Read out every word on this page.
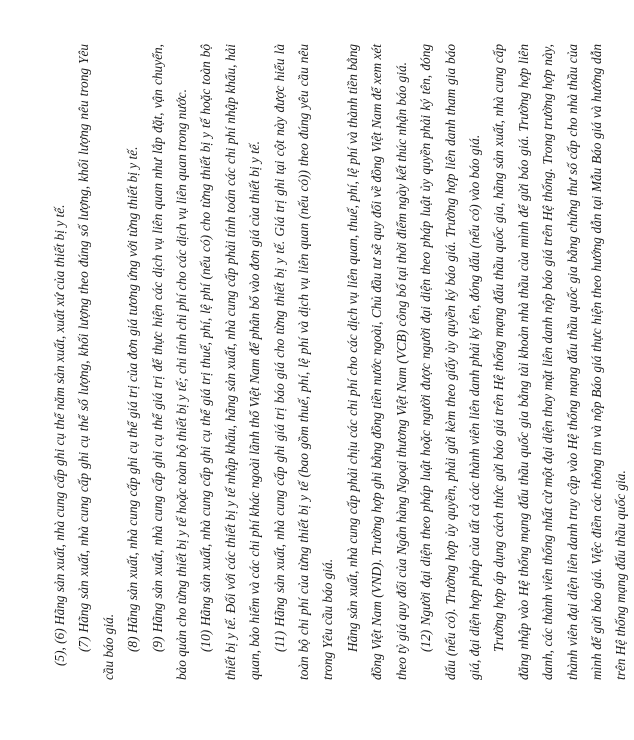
(5), (6) Hãng sản xuất, nhà cung cấp ghi cụ thể năm sản xuất, xuất xứ của thiết bị y tế. (7) Hãng sản xuất, nhà cung cấp ghi cụ thể số lượng, khối lượng theo đúng số lượng, khối lượng nêu trong Yêu cầu báo giá. (8) Hãng sản xuất, nhà cung cấp ghi cụ thể giá trị của đơn giá tương ứng với từng thiết bị y tế. (9) Hãng sản xuất, nhà cung cấp ghi cụ thể giá trị để thực hiện các dịch vụ liên quan như lắp đặt, vận chuyển, bảo quản cho từng thiết bị y tế hoặc toàn bộ thiết bị y tế; chi tính chi phí cho các dịch vụ liên quan trong nước. (10) Hãng sản xuất, nhà cung cấp ghi cụ thể giá trị thuế, phí, lệ phí (nếu có) cho từng thiết bị y tế hoặc toàn bộ thiết bị y tế. Đối với các thiết bị y tế nhập khẩu, hãng sản xuất, nhà cung cấp phải tính toán các chi phí nhập khẩu, hải quan, bảo hiểm và các chi phí khác ngoài lãnh thổ Việt Nam để phân bổ vào đơn giá của thiết bị y tế. (11) Hãng sản xuất, nhà cung cấp ghi giá trị báo giá cho từng thiết bị y tế. Giá trị ghi tại cột này được hiểu là toàn bộ chi phí của từng thiết bị y tế (bao gồm thuế, phí, lệ phí và dịch vụ liên quan (nếu có)) theo đúng yêu cầu nêu trong Yêu cầu báo giá. Hãng sản xuất, nhà cung cấp phải chịu các chi phí cho các dịch vụ liên quan, thuế, phí, lệ phí và thành tiền bằng đồng Việt Nam (VND). Trường hợp ghi bằng đồng tiền nước ngoài, Chủ đầu tư sẽ quy đổi về đồng Việt Nam để xem xét theo tỷ giá quy đổi của Ngân hàng Ngoại thương Việt Nam (VCB) công bố tại thời điểm ngày kết thúc nhận báo giá. (12) Người đại diện theo pháp luật hoặc người được người đại diện theo pháp luật ủy quyền phải ký tên, đóng dấu (nếu có). Trường hợp ủy quyền, phải gửi kèm theo giấy ủy quyền ký báo giá. Trường hợp liên danh tham gia báo giá, đại diện hợp pháp của tất cả các thành viên liên danh phải ký tên, đóng dấu (nếu có) vào báo giá. Trường hợp áp dụng cách thức gửi báo giá trên Hệ thống mạng đấu thầu quốc gia, hãng sản xuất, nhà cung cấp đăng nhập vào Hệ thống mạng đấu thầu quốc gia bằng tài khoản nhà thầu của mình để gửi báo giá. Trường hợp liên danh, các thành viên thống nhất cử một đại diện thay mặt liên danh nộp báo giá trên Hệ thống. Trong trường hợp này, thành viên đại diện liên danh truy cập vào Hệ thống mạng đấu thầu quốc gia bằng chứng thư số cấp cho nhà thầu của mình để gửi báo giá. Việc điền các thông tin và nộp Báo giá thực hiện theo hướng dẫn tại Mẫu Báo giá và hướng dẫn trên Hệ thống mạng đấu thầu quốc gia.
